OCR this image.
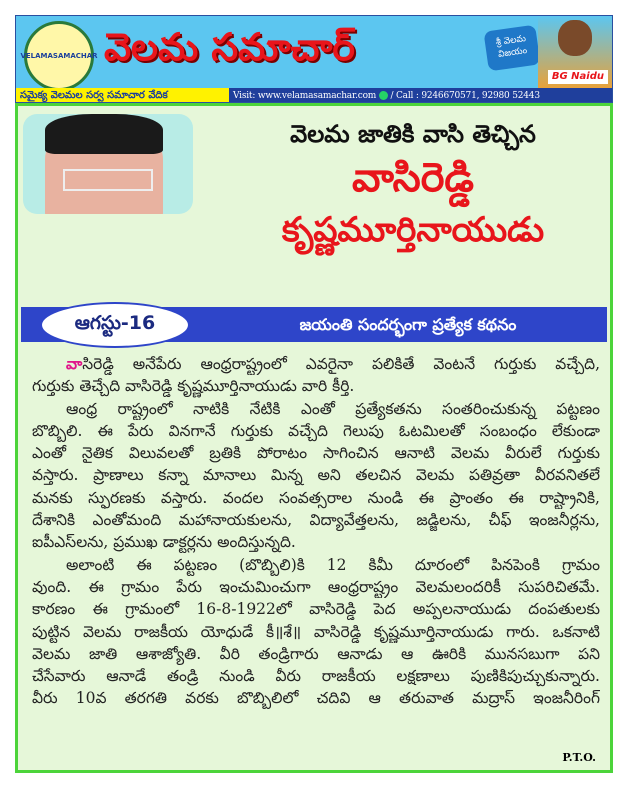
VELAMASAMACHAR వెలమ సమాచార్	శ్రీ వెలమ విజయం
BG Naidu
సమైక్య వెలమల సర్వ సమాచార వేదిక	Visit: www.velamasamachar.com / Call : 9246670571, 92980 52443
వెలమ జాతికి వాసి తెచ్చిన
వాసిరెడ్డి
కృష్ణమూర్తినాయుడు
ఆగస్టు-16	జయంతి సందర్భంగా ప్రత్యేక కథనం
వాసిరెడ్డి అనేపేరు ఆంధ్రరాష్ట్రంలో ఎవరైనా పలికితే వెంటనే గుర్తుకు వచ్చేది,
గుర్తుకు తెచ్చేది వాసిరెడ్డి కృష్ణమూర్తినాయుడు వారి కీర్తి.
ఆంధ్ర రాష్ట్రంలో నాటికి నేటికి ఎంతో ప్రత్యేకతను సంతరించుకున్న పట్టణం
బొబ్బిలి. ఈ పేరు వినగానే గుర్తుకు వచ్చేది గెలుపు ఓటమిలతో సంబంధం లేకుండా
ఎంతో నైతిక విలువలతో బ్రతికి పోరాటం సాగించిన ఆనాటి వెలమ వీరులే గుర్తుకు
వస్తారు. ప్రాణాలు కన్నా మానాలు మిన్న అని తలచిన వెలమ పతివ్రతా వీరవనితలే
మనకు స్ఫురణకు వస్తారు. వందల సంవత్సరాల నుండి ఈ ప్రాంతం ఈ రాష్ట్రానికి,
దేశానికి ఎంతోమంది మహానాయకులను, విద్యావేత్తలను, జడ్జిలను, చీఫ్ ఇంజనీర్లను,
ఐపీఎస్‌లను, ప్రముఖ డాక్టర్లను అందిస్తున్నది.
అలాంటి ఈ పట్టణం (బొబ్బిలి)కి 12 కిమీ దూరంలో పినపెంకి గ్రామం
వుంది. ఈ గ్రామం పేరు ఇంచుమించుగా ఆంధ్రరాష్ట్రం వెలమలందరికీ సుపరిచితమే.
కారణం ఈ గ్రామంలో 16-8-1922లో వాసిరెడ్డి పెద అప్పలనాయుడు దంపతులకు
పుట్టిన వెలమ రాజకీయ యోధుడే కీ॥శే॥ వాసిరెడ్డి కృష్ణమూర్తినాయుడు గారు. ఒకనాటి
వెలమ జాతి ఆశాజ్యోతి. వీరి తండ్రిగారు ఆనాడు ఆ ఊరికి మునసబుగా పని
చేసేవారు ఆనాడే తండ్రి నుండి వీరు రాజకీయ లక్షణాలు పుణికిపుచ్చుకున్నారు.
వీరు 10వ తరగతి వరకు బొబ్బిలిలో చదివి ఆ తరువాత మద్రాస్ ఇంజనీరింగ్
P.T.O.
